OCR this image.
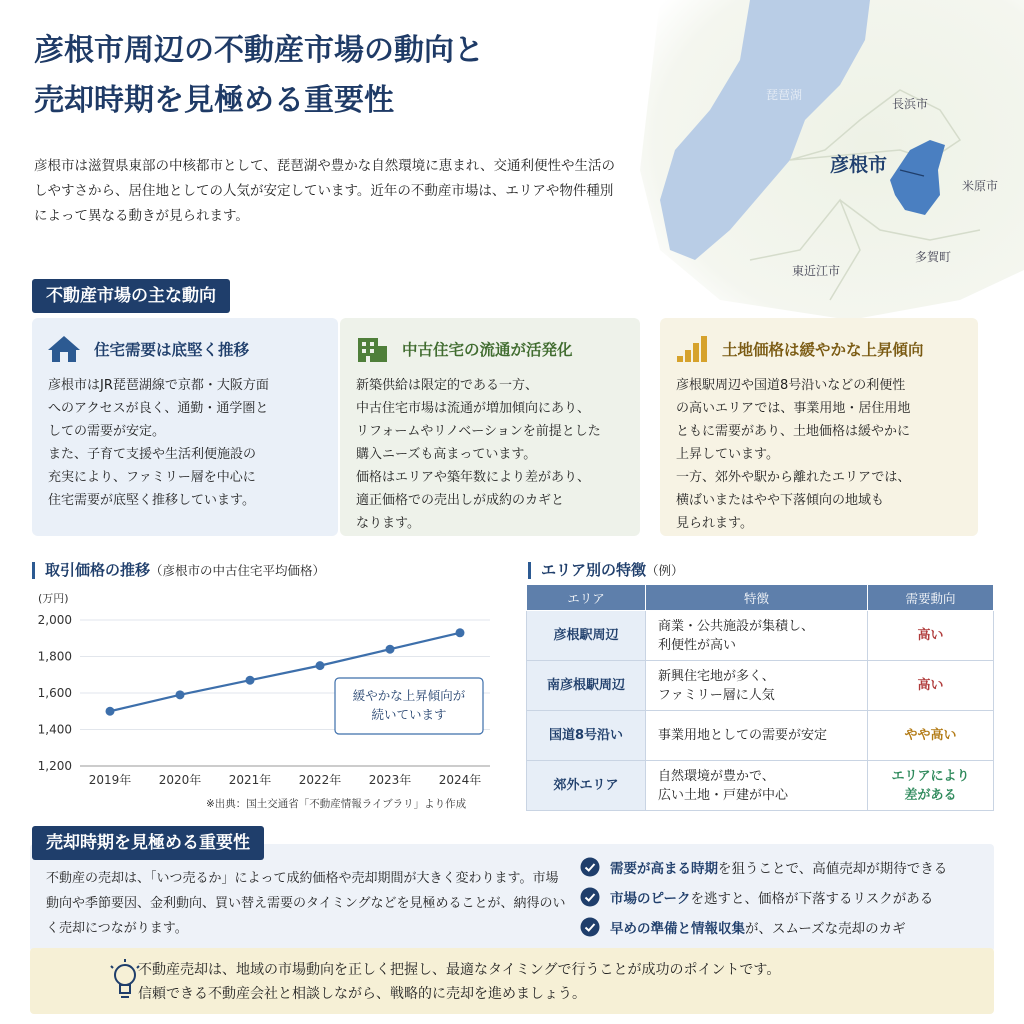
琵琶湖
長浜市
彦根市
米原市
多賀町
東近江市
彦根市周辺の不動産市場の動向と
売却時期を見極める重要性
彦根市は滋賀県東部の中核都市として、琵琶湖や豊かな自然環境に恵まれ、交通利便性や生活のしやすさから、居住地としての人気が安定しています。近年の不動産市場は、エリアや物件種別によって異なる動きが見られます。
不動産市場の主な動向
住宅需要は底堅く推移
彦根市はJR琵琶湖線で京都・大阪方面
へのアクセスが良く、通勤・通学圏と
しての需要が安定。
また、子育て支援や生活利便施設の
充実により、ファミリー層を中心に
住宅需要が底堅く推移しています。
中古住宅の流通が活発化
新築供給は限定的である一方、
中古住宅市場は流通が増加傾向にあり、
リフォームやリノベーションを前提とした
購入ニーズも高まっています。
価格はエリアや築年数により差があり、
適正価格での売出しが成約のカギと
なります。
土地価格は緩やかな上昇傾向
彦根駅周辺や国道8号沿いなどの利便性
の高いエリアでは、事業用地・居住用地
ともに需要があり、土地価格は緩やかに
上昇しています。
一方、郊外や駅から離れたエリアでは、
横ばいまたはやや下落傾向の地域も
見られます。
取引価格の推移（彦根市の中古住宅平均価格）
(万円)
1,200
1,400
1,600
1,800
2,000
2019年 2020年 2021年 2022年 2023年 2024年
緩やかな上昇傾向が
続いています
※出典：国土交通省「不動産情報ライブラリ」より作成
エリア別の特徴（例）
エリア	特徴	需要動向
彦根駅周辺	商業・公共施設が集積し、
利便性が高い	高い
南彦根駅周辺	新興住宅地が多く、
ファミリー層に人気	高い
国道8号沿い	事業用地としての需要が安定	やや高い
郊外エリア	自然環境が豊かで、
広い土地・戸建が中心	エリアにより
差がある
売却時期を見極める重要性
不動産の売却は、「いつ売るか」によって成約価格や売却期間が大きく変わります。市場動向や季節要因、金利動向、買い替え需要のタイミングなどを見極めることが、納得のいく売却につながります。
需要が高まる時期を狙うことで、高値売却が期待できる
市場のピークを逃すと、価格が下落するリスクがある
早めの準備と情報収集が、スムーズな売却のカギ
不動産売却は、地域の市場動向を正しく把握し、最適なタイミングで行うことが成功のポイントです。
信頼できる不動産会社と相談しながら、戦略的に売却を進めましょう。
